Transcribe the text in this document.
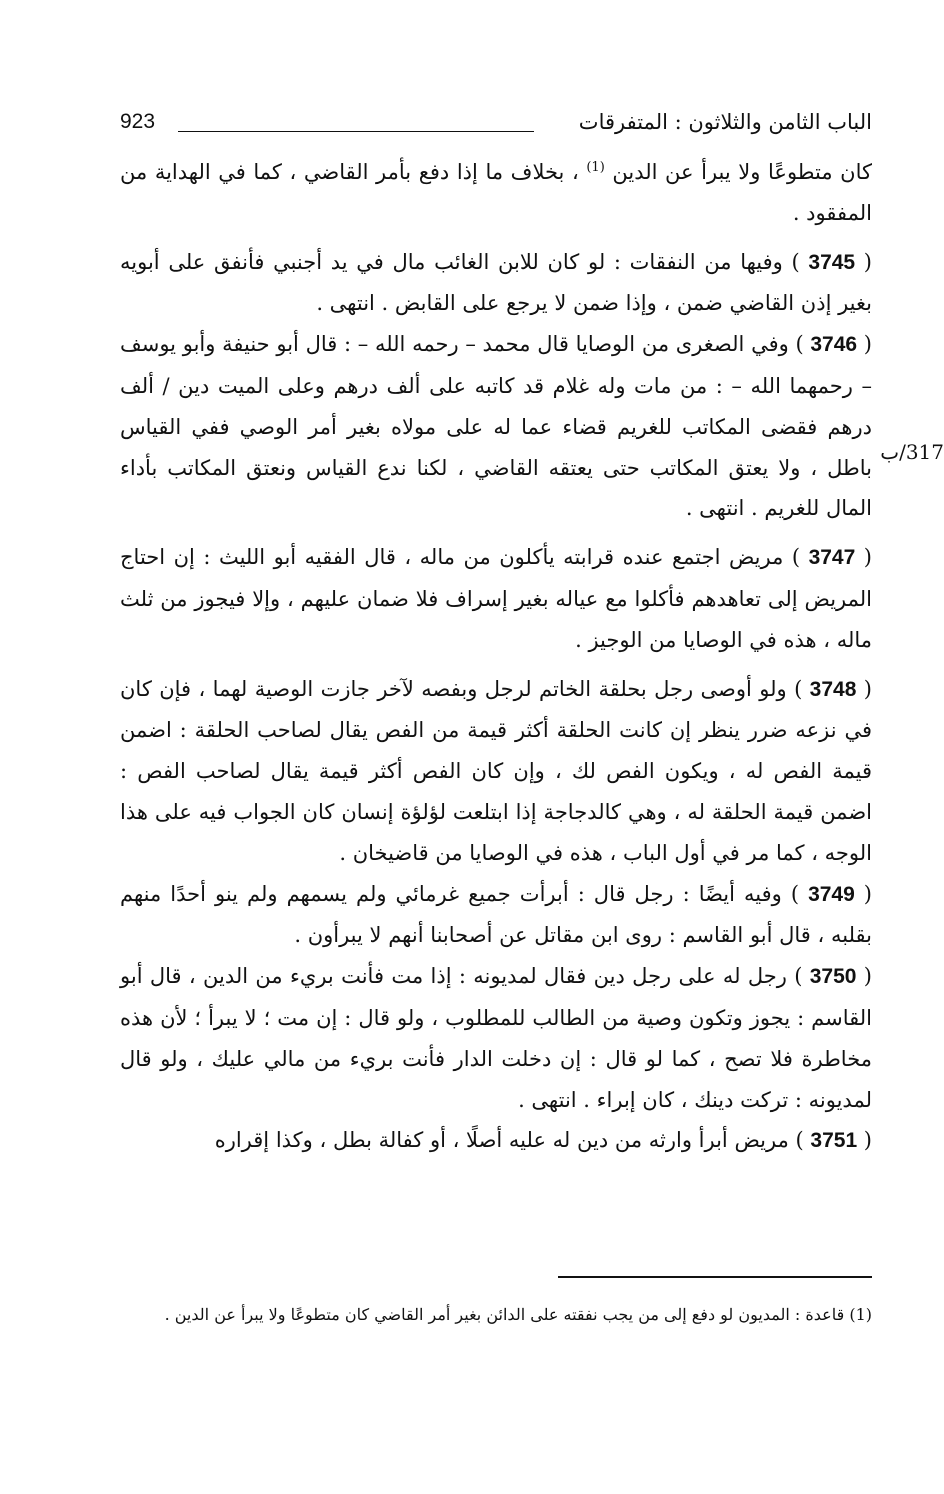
الباب الثامن والثلاثون : المتفرقات
923
317/ب

كان متطوعًا ولا يبرأ عن الدين $^{(1)}$ ، بخلاف ما إذا دفع بأمر القاضي ، كما في الهداية من المفقود .

( 3745 ) وفيها من النفقات : لو كان للابن الغائب مال في يد أجنبي فأنفق على أبويه بغير إذن القاضي ضمن ، وإذا ضمن لا يرجع على القابض . انتهى .

( 3746 ) وفي الصغرى من الوصايا قال محمد – رحمه الله – : قال أبو حنيفة وأبو يوسف – رحمهما الله – : من مات وله غلام قد كاتبه على ألف درهم وعلى الميت دين / ألف درهم فقضى المكاتب للغريم قضاء عما له على مولاه بغير أمر الوصي ففي القياس باطل ، ولا يعتق المكاتب حتى يعتقه القاضي ، لكنا ندع القياس ونعتق المكاتب بأداء المال للغريم . انتهى .

( 3747 ) مريض اجتمع عنده قرابته يأكلون من ماله ، قال الفقيه أبو الليث : إن احتاج المريض إلى تعاهدهم فأكلوا مع عياله بغير إسراف فلا ضمان عليهم ، وإلا فيجوز من ثلث ماله ، هذه في الوصايا من الوجيز .

( 3748 ) ولو أوصى رجل بحلقة الخاتم لرجل وبفصه لآخر جازت الوصية لهما ، فإن كان في نزعه ضرر ينظر إن كانت الحلقة أكثر قيمة من الفص يقال لصاحب الحلقة : اضمن قيمة الفص له ، ويكون الفص لك ، وإن كان الفص أكثر قيمة يقال لصاحب الفص : اضمن قيمة الحلقة له ، وهي كالدجاجة إذا ابتلعت لؤلؤة إنسان كان الجواب فيه على هذا الوجه ، كما مر في أول الباب ، هذه في الوصايا من قاضيخان .

( 3749 ) وفيه أيضًا : رجل قال : أبرأت جميع غرمائي ولم يسمهم ولم ينو أحدًا منهم بقلبه ، قال أبو القاسم : روى ابن مقاتل عن أصحابنا أنهم لا يبرأون .

( 3750 ) رجل له على رجل دين فقال لمديونه : إذا مت فأنت بريء من الدين ، قال أبو القاسم : يجوز وتكون وصية من الطالب للمطلوب ، ولو قال : إن مت ؛ لا يبرأ ؛ لأن هذه مخاطرة فلا تصح ، كما لو قال : إن دخلت الدار فأنت بريء من مالي عليك ، ولو قال لمديونه : تركت دينك ، كان إبراء . انتهى .

( 3751 ) مريض أبرأ وارثه من دين له عليه أصلًا ، أو كفالة بطل ، وكذا إقراره

(1) قاعدة : المديون لو دفع إلى من يجب نفقته على الدائن بغير أمر القاضي كان متطوعًا ولا يبرأ عن الدين .
